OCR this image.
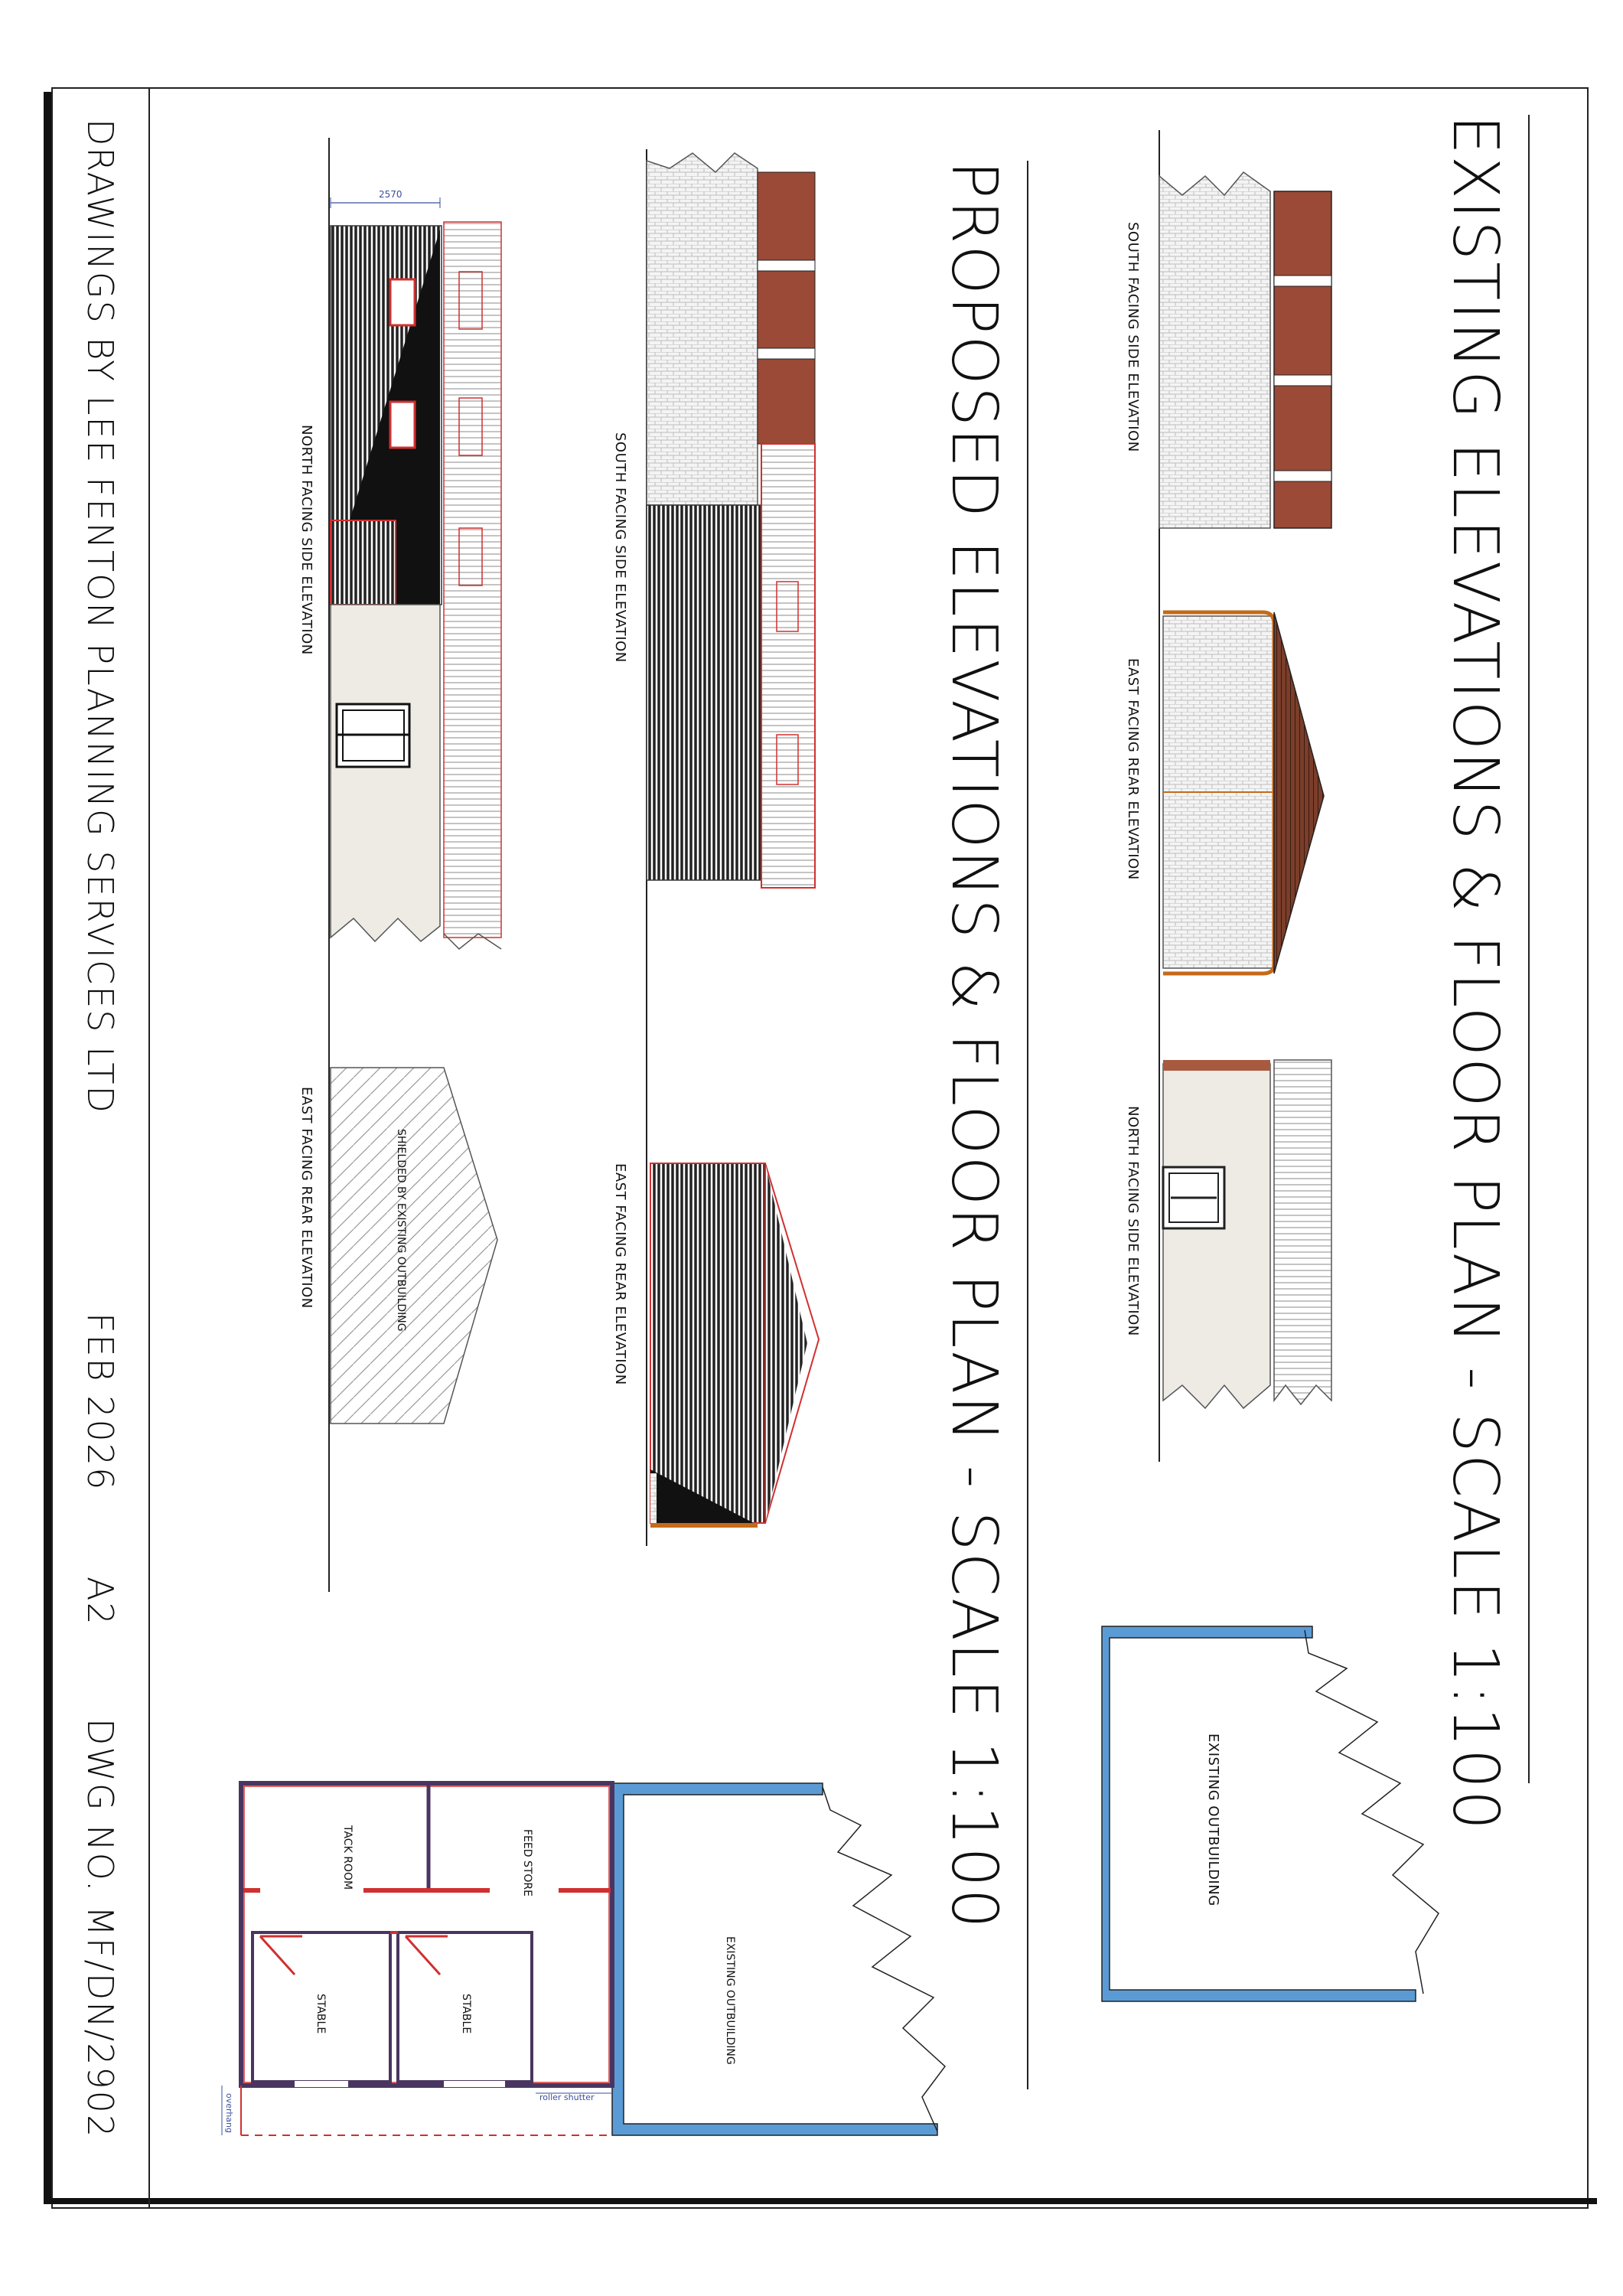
EXISTING ELEVATIONS & FLOOR PLAN - SCALE 1:100
PROPOSED ELEVATIONS & FLOOR PLAN - SCALE 1:100
DRAWINGS BY LEE FENTON PLANNING SERVICES LTD
FEB 2026
A2
DWG NO. MF/DN/2902
SOUTH FACING SIDE ELEVATION
EAST FACING REAR ELEVATION
NORTH FACING SIDE ELEVATION
EXISTING OUTBUILDING
SOUTH FACING SIDE ELEVATION
EAST FACING REAR ELEVATION
2570
NORTH FACING SIDE ELEVATION
SHIELDED BY EXISTING OUTBUILDING
EAST FACING REAR ELEVATION
EXISTING OUTBUILDING
FEED STORE
TACK ROOM
STABLE
STABLE
roller shutter
overhang
